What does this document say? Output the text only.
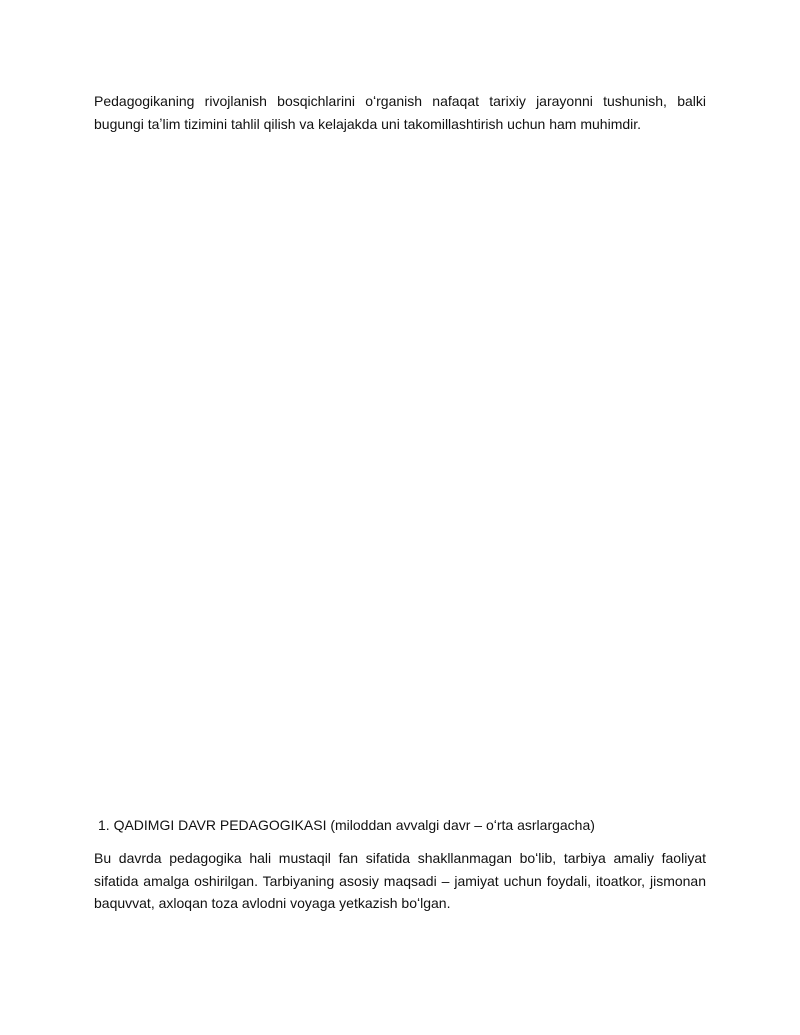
Pedagogikaning rivojlanish bosqichlarini oʻrganish nafaqat tarixiy jarayonni tushunish, balki bugungi taʼlim tizimini tahlil qilish va kelajakda uni takomillashtirish uchun ham muhimdir.

1. QADIMGI DAVR PEDAGOGIKASI (miloddan avvalgi davr – oʻrta asrlargacha)

Bu davrda pedagogika hali mustaqil fan sifatida shakllanmagan boʻlib, tarbiya amaliy faoliyat sifatida amalga oshirilgan. Tarbiyaning asosiy maqsadi – jamiyat uchun foydali, itoatkor, jismonan baquvvat, axloqan toza avlodni voyaga yetkazish boʻlgan.
